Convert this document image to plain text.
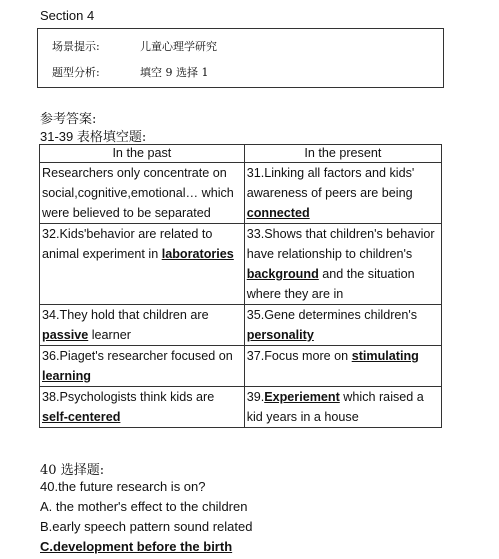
Section 4
场景提示:	儿童心理学研究
题型分析:	填空 9 选择 1
参考答案:
31-39 表格填空题:
In the past	In the present
Researchers only concentrate on social,cognitive,emotional… which were believed to be separated	31.Linking all factors and kids' awareness of peers are being connected
32.Kids'behavior are related to animal experiment in laboratories	33.Shows that children's behavior have relationship to children's background and the situation where they are in
34.They hold that children are passive learner	35.Gene determines children's personality
36.Piaget's researcher focused on learning	37.Focus more on stimulating
38.Psychologists think kids are self-centered	39.Experiement which raised a kid years in a house
40 选择题:
40.the future research is on?
A. the mother's effect to the children
B.early speech pattern sound related
C.development before the birth
